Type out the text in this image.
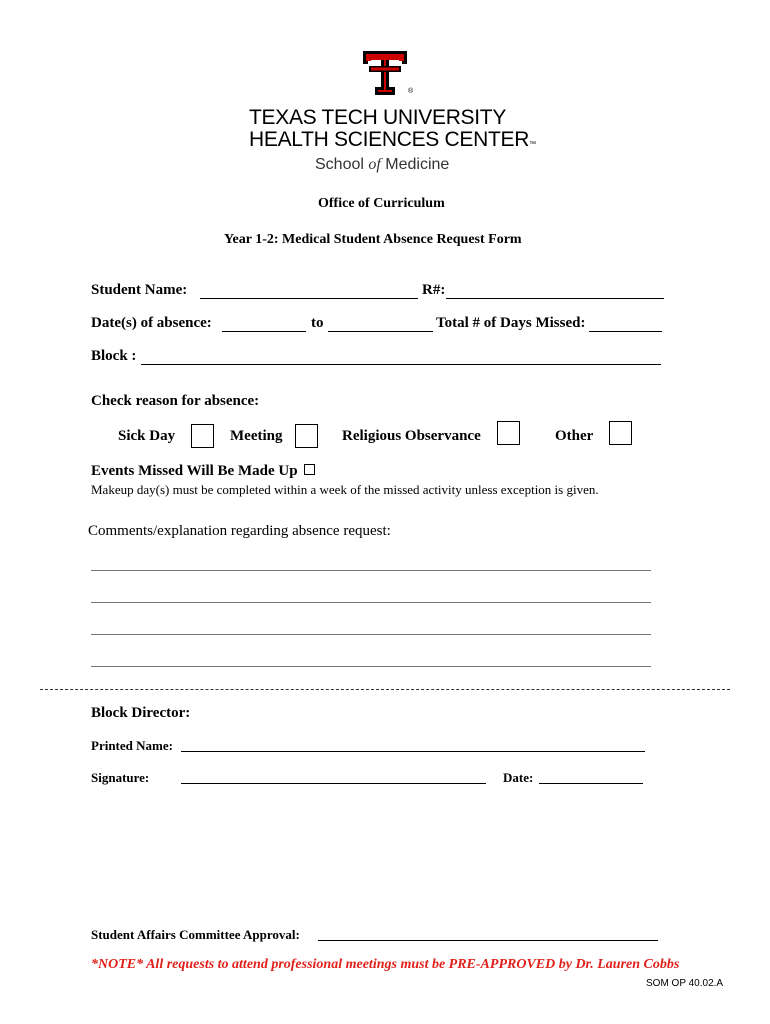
®
TEXAS TECH UNIVERSITY
HEALTH SCIENCES CENTER™
School of Medicine
Office of Curriculum
Year 1-2: Medical Student Absence Request Form
Student Name:	R#:
Date(s) of absence:	to	Total # of Days Missed:
Block :
Check reason for absence:
Sick Day	Meeting	Religious Observance	Other
Events Missed Will Be Made Up
Makeup day(s) must be completed within a week of the missed activity unless exception is given.
Comments/explanation regarding absence request:
Block Director:
Printed Name:
Signature:	Date:
Student Affairs Committee Approval:
*NOTE* All requests to attend professional meetings must be PRE-APPROVED by Dr. Lauren Cobbs
SOM OP 40.02.A
